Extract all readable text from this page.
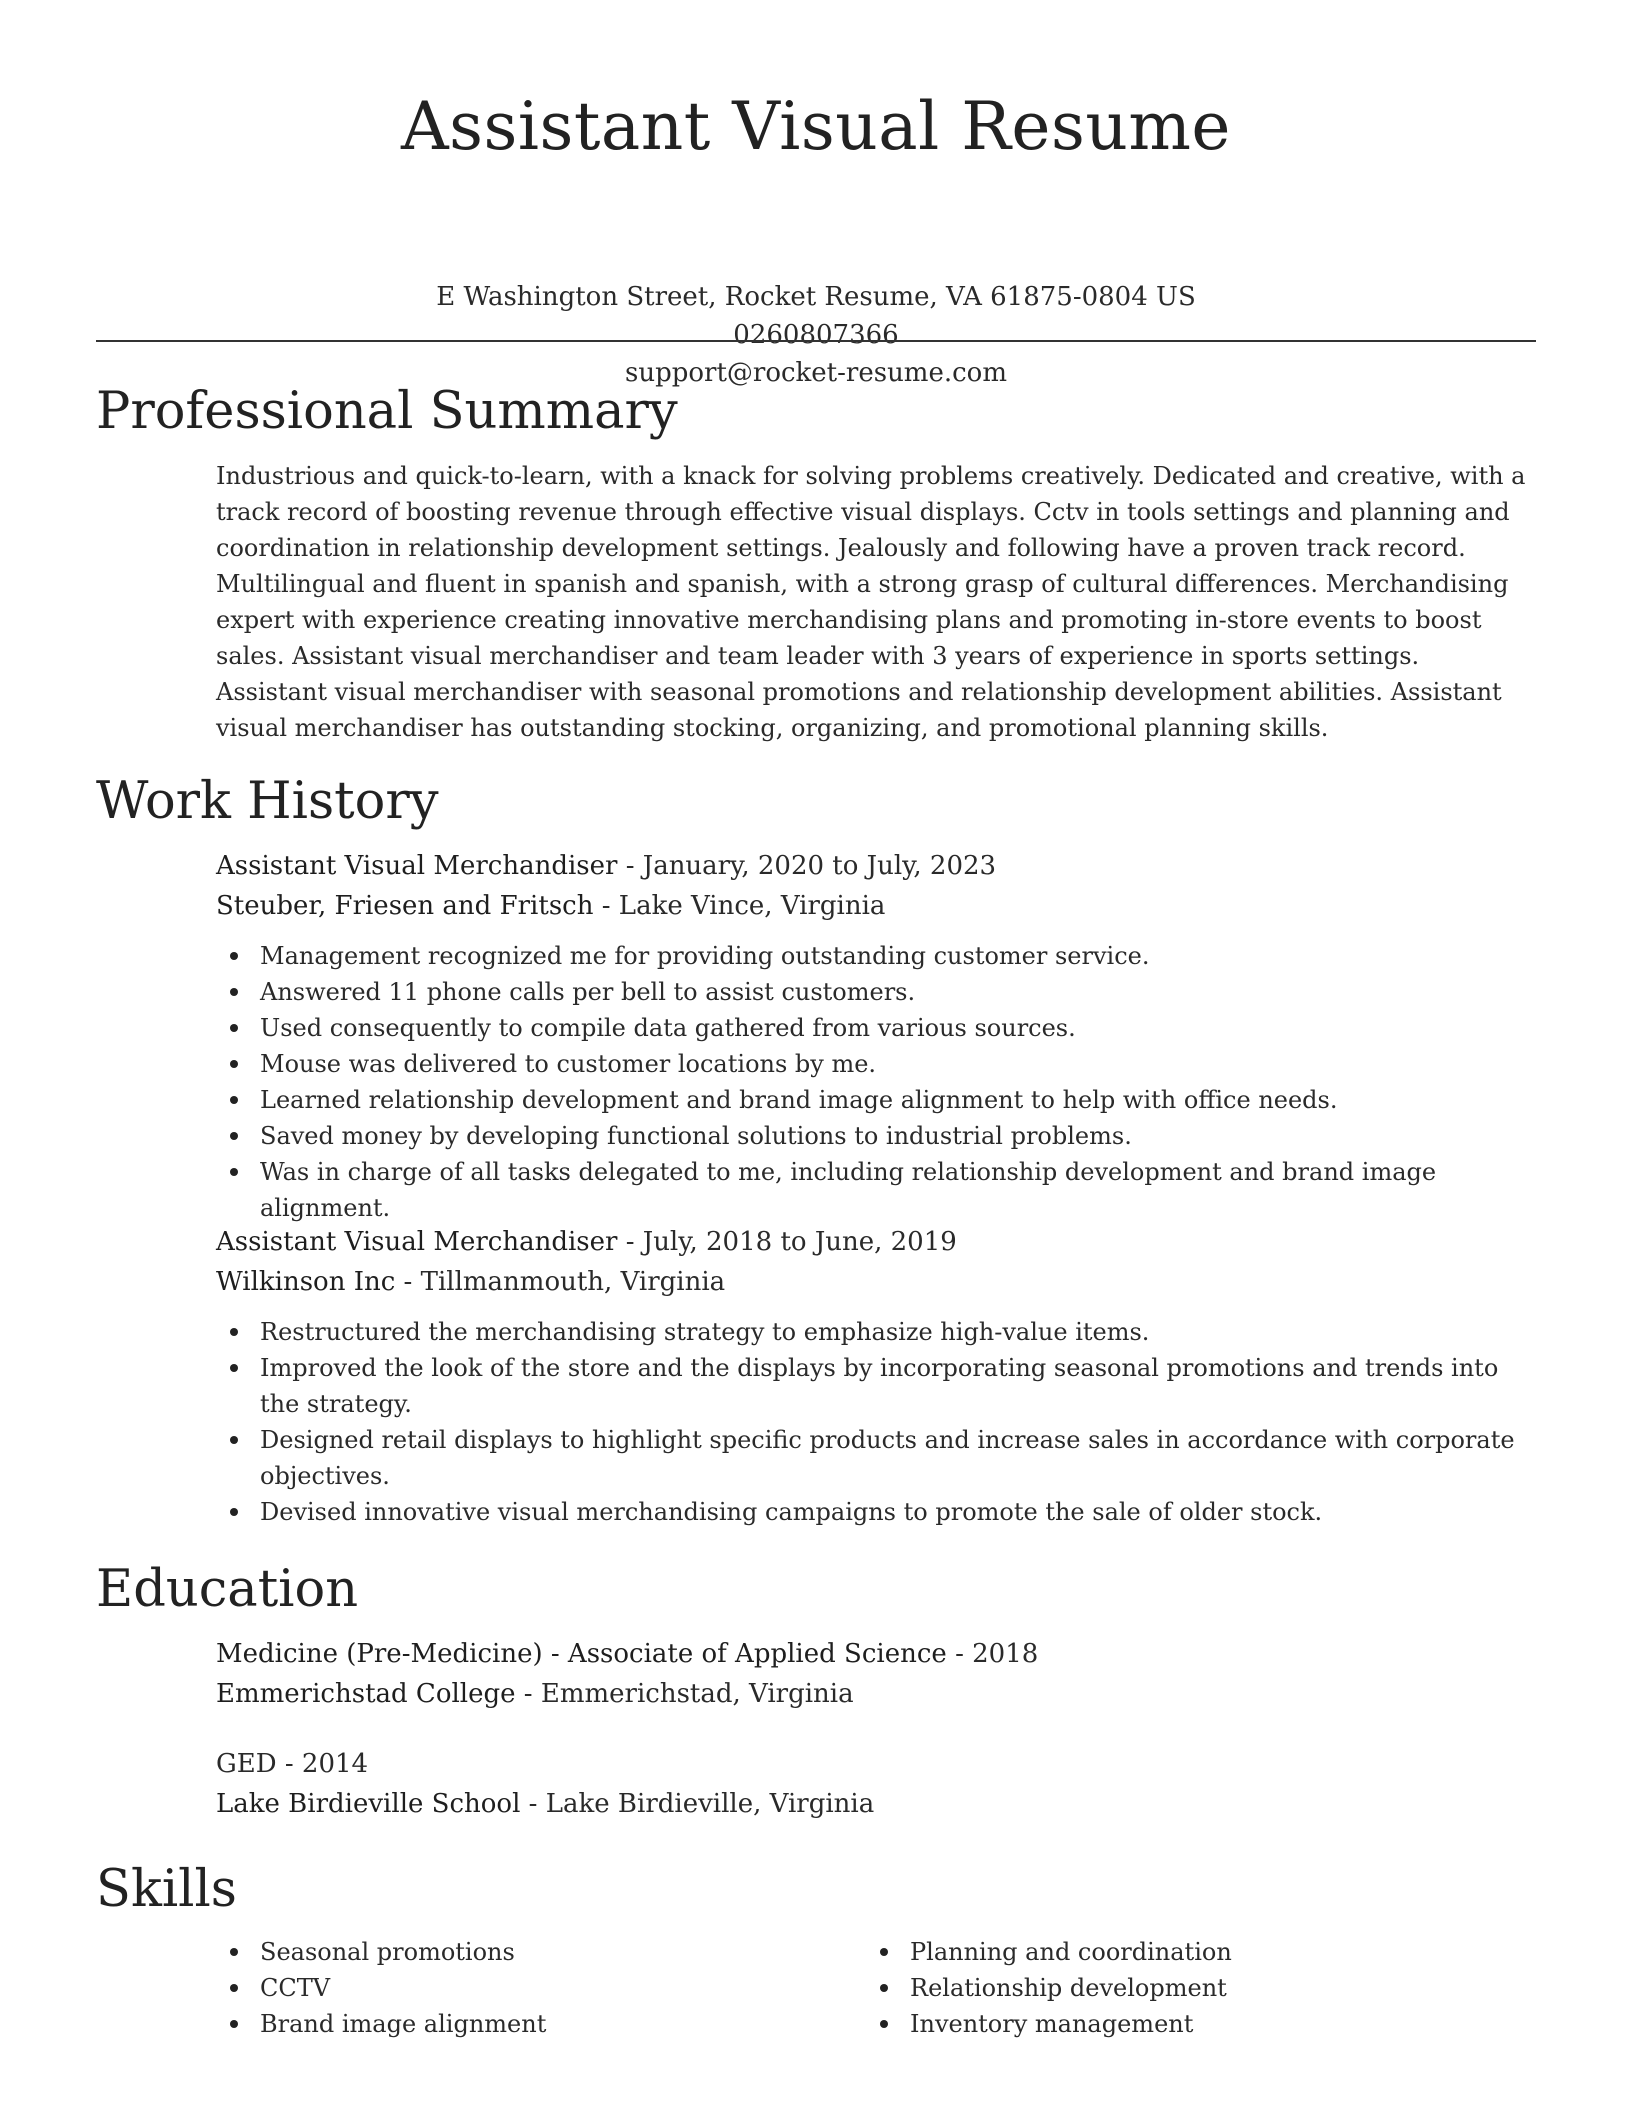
Assistant Visual Resume
E Washington Street, Rocket Resume, VA 61875-0804 US
0260807366
support@rocket-resume.com
Professional Summary

Industrious and quick-to-learn, with a knack for solving problems creatively. Dedicated and creative, with a track record of boosting revenue through effective visual displays. Cctv in tools settings and planning and coordination in relationship development settings. Jealously and following have a proven track record. Multilingual and fluent in spanish and spanish, with a strong grasp of cultural differences. Merchandising expert with experience creating innovative merchandising plans and promoting in-store events to boost sales. Assistant visual merchandiser and team leader with 3 years of experience in sports settings. Assistant visual merchandiser with seasonal promotions and relationship development abilities. Assistant visual merchandiser has outstanding stocking, organizing, and promotional planning skills.

Work History

Assistant Visual Merchandiser - January, 2020 to July, 2023

Steuber, Friesen and Fritsch - Lake Vince, Virginia

Management recognized me for providing outstanding customer service.
Answered 11 phone calls per bell to assist customers.
Used consequently to compile data gathered from various sources.
Mouse was delivered to customer locations by me.
Learned relationship development and brand image alignment to help with office needs.
Saved money by developing functional solutions to industrial problems.
Was in charge of all tasks delegated to me, including relationship development and brand image alignment.

Assistant Visual Merchandiser - July, 2018 to June, 2019

Wilkinson Inc - Tillmanmouth, Virginia

Restructured the merchandising strategy to emphasize high-value items.
Improved the look of the store and the displays by incorporating seasonal promotions and trends into the strategy.
Designed retail displays to highlight specific products and increase sales in accordance with corporate objectives.
Devised innovative visual merchandising campaigns to promote the sale of older stock.
Education

Medicine (Pre-Medicine) - Associate of Applied Science - 2018

Emmerichstad College - Emmerichstad, Virginia

GED - 2014

Lake Birdieville School - Lake Birdieville, Virginia

Skills
Seasonal promotions
CCTV
Brand image alignment
Planning and coordination
Relationship development
Inventory management
